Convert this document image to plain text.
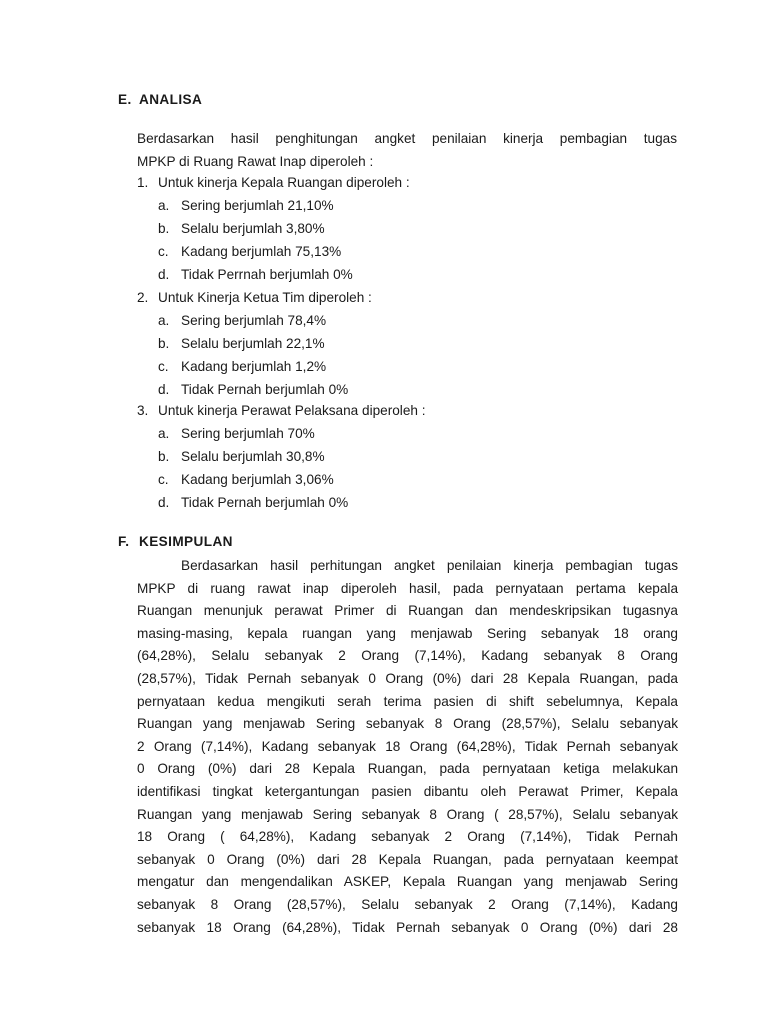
E. ANALISA
Berdasarkan hasil penghitungan angket penilaian kinerja pembagian tugas
MPKP di Ruang Rawat Inap diperoleh :
1. Untuk kinerja Kepala Ruangan diperoleh :
a. Sering berjumlah 21,10%
b. Selalu berjumlah 3,80%
c. Kadang berjumlah 75,13%
d. Tidak Perrnah berjumlah 0%
2. Untuk Kinerja Ketua Tim diperoleh :
a. Sering berjumlah 78,4%
b. Selalu berjumlah 22,1%
c. Kadang berjumlah 1,2%
d. Tidak Pernah berjumlah 0%
3. Untuk kinerja Perawat Pelaksana diperoleh :
a. Sering berjumlah 70%
b. Selalu berjumlah 30,8%
c. Kadang berjumlah 3,06%
d. Tidak Pernah berjumlah 0%
F. KESIMPULAN
Berdasarkan hasil perhitungan angket penilaian kinerja pembagian tugas
MPKP di ruang rawat inap diperoleh hasil, pada pernyataan pertama kepala
Ruangan menunjuk perawat Primer di Ruangan dan mendeskripsikan tugasnya
masing-masing, kepala ruangan yang menjawab Sering sebanyak 18 orang
(64,28%), Selalu sebanyak 2 Orang (7,14%), Kadang sebanyak 8 Orang
(28,57%), Tidak Pernah sebanyak 0 Orang (0%) dari 28 Kepala Ruangan, pada
pernyataan kedua mengikuti serah terima pasien di shift sebelumnya, Kepala
Ruangan yang menjawab Sering sebanyak 8 Orang (28,57%), Selalu sebanyak
2 Orang (7,14%), Kadang sebanyak 18 Orang (64,28%), Tidak Pernah sebanyak
0 Orang (0%) dari 28 Kepala Ruangan, pada pernyataan ketiga melakukan
identifikasi tingkat ketergantungan pasien dibantu oleh Perawat Primer, Kepala
Ruangan yang menjawab Sering sebanyak 8 Orang ( 28,57%), Selalu sebanyak
18 Orang ( 64,28%), Kadang sebanyak 2 Orang (7,14%), Tidak Pernah
sebanyak 0 Orang (0%) dari 28 Kepala Ruangan, pada pernyataan keempat
mengatur dan mengendalikan ASKEP, Kepala Ruangan yang menjawab Sering
sebanyak 8 Orang (28,57%), Selalu sebanyak 2 Orang (7,14%), Kadang
sebanyak 18 Orang (64,28%), Tidak Pernah sebanyak 0 Orang (0%) dari 28
